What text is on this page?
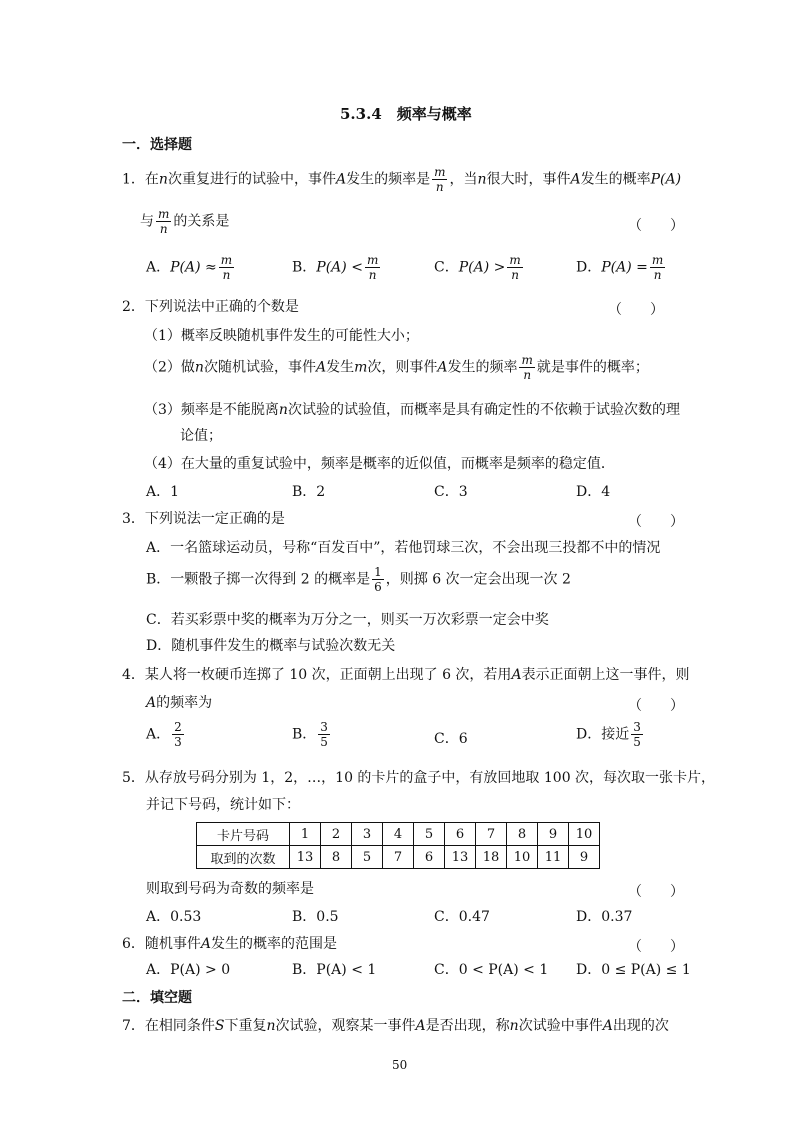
5.3.4　频率与概率
一．选择题
1．在n次重复进行的试验中，事件A发生的频率是 $\frac{m}{n}$ ，当n很大时，事件A发生的概率P(A)
与 $\frac{m}{n}$ 的关系是	（　　）
A．$P(A) \approx \frac{m}{n}$	B．$P(A) < \frac{m}{n}$	C．$P(A) > \frac{m}{n}$	D．$P(A) = \frac{m}{n}$
2．下列说法中正确的个数是	（　　）
（1）概率反映随机事件发生的可能性大小；
（2）做n次随机试验，事件A发生m次，则事件A发生的频率 $\frac{m}{n}$ 就是事件的概率；
（3）频率是不能脱离n次试验的试验值，而概率是具有确定性的不依赖于试验次数的理
论值；
（4）在大量的重复试验中，频率是概率的近似值，而概率是频率的稳定值．
A．1	B．2	C．3	D．4
3．下列说法一定正确的是	（　　）
A．一名篮球运动员，号称“百发百中”，若他罚球三次，不会出现三投都不中的情况
B．一颗骰子掷一次得到 2 的概率是 $\frac{1}{6}$ ，则掷 6 次一定会出现一次 2
C．若买彩票中奖的概率为万分之一，则买一万次彩票一定会中奖
D．随机事件发生的概率与试验次数无关
4．某人将一枚硬币连掷了 10 次，正面朝上出现了 6 次，若用A表示正面朝上这一事件，则
A的频率为	（　　）
A． $\frac{2}{3}$	B． $\frac{3}{5}$	C．6	D．接近 $\frac{3}{5}$
5．从存放号码分别为 1，2，…，10 的卡片的盒子中，有放回地取 100 次，每次取一张卡片，
并记下号码，统计如下：
卡片号码	1	2	3	4	5	6	7	8	9	10
取到的次数	13	8	5	7	6	13	18	10	11	9
则取到号码为奇数的频率是	（　　）
A．0.53	B．0.5	C．0.47	D．0.37
6．随机事件A发生的概率的范围是	（　　）
A．P(A) > 0	B．P(A) < 1	C．0 < P(A) < 1 D．0 ≤ P(A) ≤ 1
二．填空题
7．在相同条件S下重复n次试验，观察某一事件A是否出现，称n次试验中事件A出现的次
50
